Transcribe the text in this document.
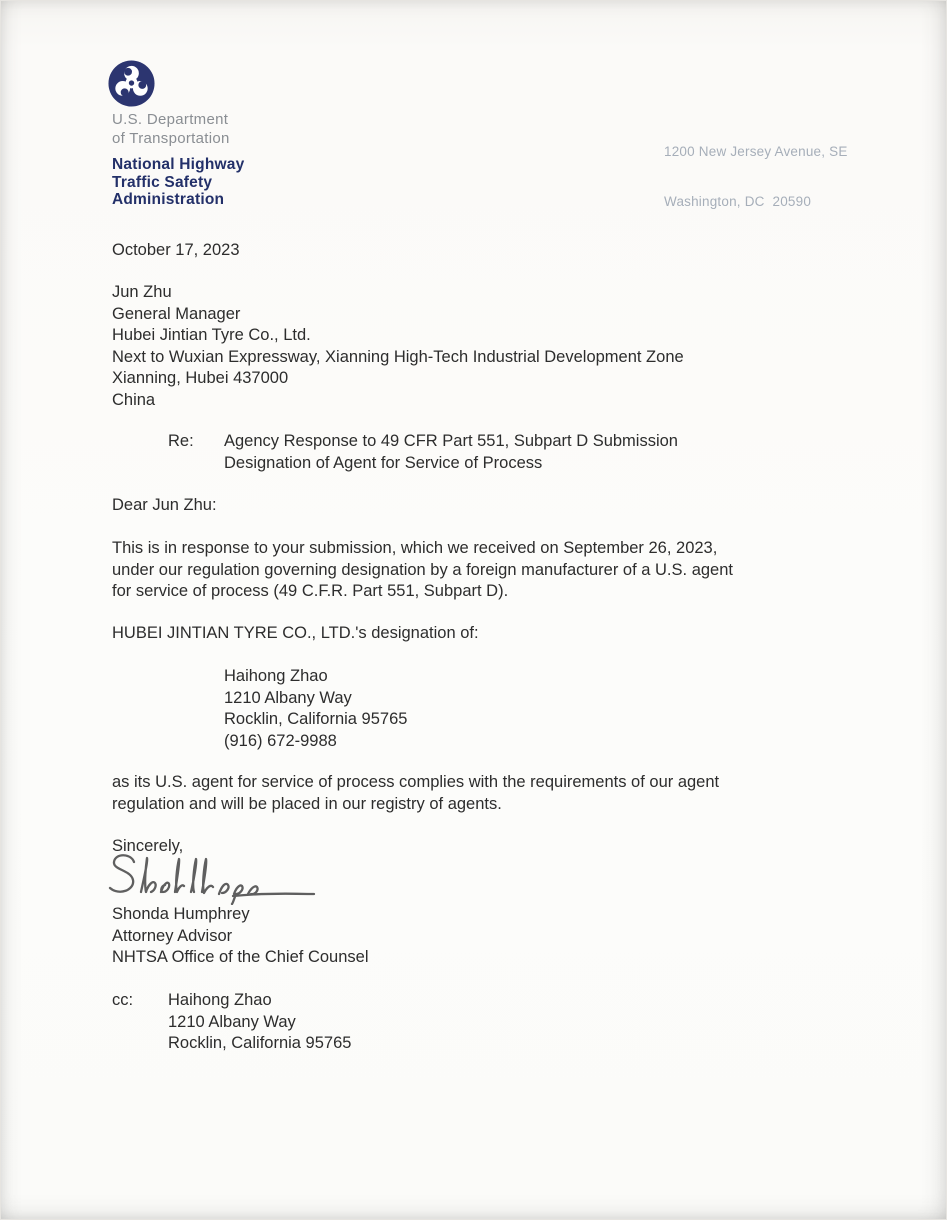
U.S. Department
of Transportation
National Highway
Traffic Safety
Administration

1200 New Jersey Avenue, SE

Washington, DC  20590

October 17, 2023
Jun Zhu
General Manager
Hubei Jintian Tyre Co., Ltd.
Next to Wuxian Expressway, Xianning High-Tech Industrial Development Zone
Xianning, Hubei 437000
China
Re:	Agency Response to 49 CFR Part 551, Subpart D Submission
Designation of Agent for Service of Process
Dear Jun Zhu:
This is in response to your submission, which we received on September 26, 2023,
under our regulation governing designation by a foreign manufacturer of a U.S. agent
for service of process (49 C.F.R. Part 551, Subpart D).
HUBEI JINTIAN TYRE CO., LTD.'s designation of:
Haihong Zhao
1210 Albany Way
Rocklin, California 95765
(916) 672-9988
as its U.S. agent for service of process complies with the requirements of our agent
regulation and will be placed in our registry of agents.
Sincerely,
Shonda Humphrey
Attorney Advisor
NHTSA Office of the Chief Counsel
cc:	Haihong Zhao
1210 Albany Way
Rocklin, California 95765
